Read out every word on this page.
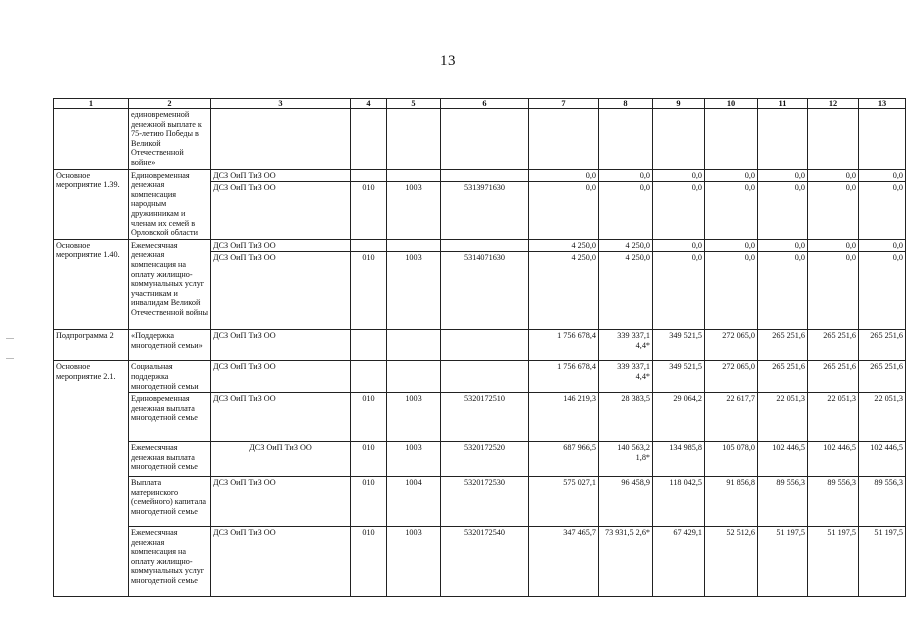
13
1	2	3	4	5	6	7	8	9	10	11	12	13
	единовременной денежной выплате к 75-летию Победы в Великой Отечественной войне»											
Основное мероприятие 1.39.	Единовременная денежная компенсация народным дружинникам и членам их семей в Орловской области	ДСЗ ОиП ТиЗ ОО				0,0	0,0	0,0	0,0	0,0	0,0	0,0
		ДСЗ ОиП ТиЗ ОО	010	1003	5313971630	0,0	0,0	0,0	0,0	0,0	0,0	0,0
Основное мероприятие 1.40.	Ежемесячная денежная компенсация на оплату жилищно-коммунальных услуг участникам и инвалидам Великой Отечественной войны	ДСЗ ОиП ТиЗ ОО				4 250,0	4 250,0	0,0	0,0	0,0	0,0	0,0
		ДСЗ ОиП ТиЗ ОО	010	1003	5314071630	4 250,0	4 250,0	0,0	0,0	0,0	0,0	0,0
Подпрограмма 2	«Поддержка многодетной семьи»	ДСЗ ОиП ТиЗ ОО				1 756 678,4	339 337,1 4,4*	349 521,5	272 065,0	265 251,6	265 251,6	265 251,6
Основное мероприятие 2.1.	Социальная поддержка многодетной семьи	ДСЗ ОиП ТиЗ ОО				1 756 678,4	339 337,1 4,4*	349 521,5	272 065,0	265 251,6	265 251,6	265 251,6
	Единовременная денежная выплата многодетной семье	ДСЗ ОиП ТиЗ ОО	010	1003	5320172510	146 219,3	28 383,5	29 064,2	22 617,7	22 051,3	22 051,3	22 051,3
	Ежемесячная денежная выплата многодетной семье	ДСЗ ОиП ТиЗ ОО	010	1003	5320172520	687 966,5	140 563,2 1,8*	134 985,8	105 078,0	102 446,5	102 446,5	102 446,5
	Выплата материнского (семейного) капитала многодетной семье	ДСЗ ОиП ТиЗ ОО	010	1004	5320172530	575 027,1	96 458,9	118 042,5	91 856,8	89 556,3	89 556,3	89 556,3
	Ежемесячная денежная компенсация на оплату жилищно-коммунальных услуг многодетной семье	ДСЗ ОиП ТиЗ ОО	010	1003	5320172540	347 465,7	73 931,5 2,6*	67 429,1	52 512,6	51 197,5	51 197,5	51 197,5
